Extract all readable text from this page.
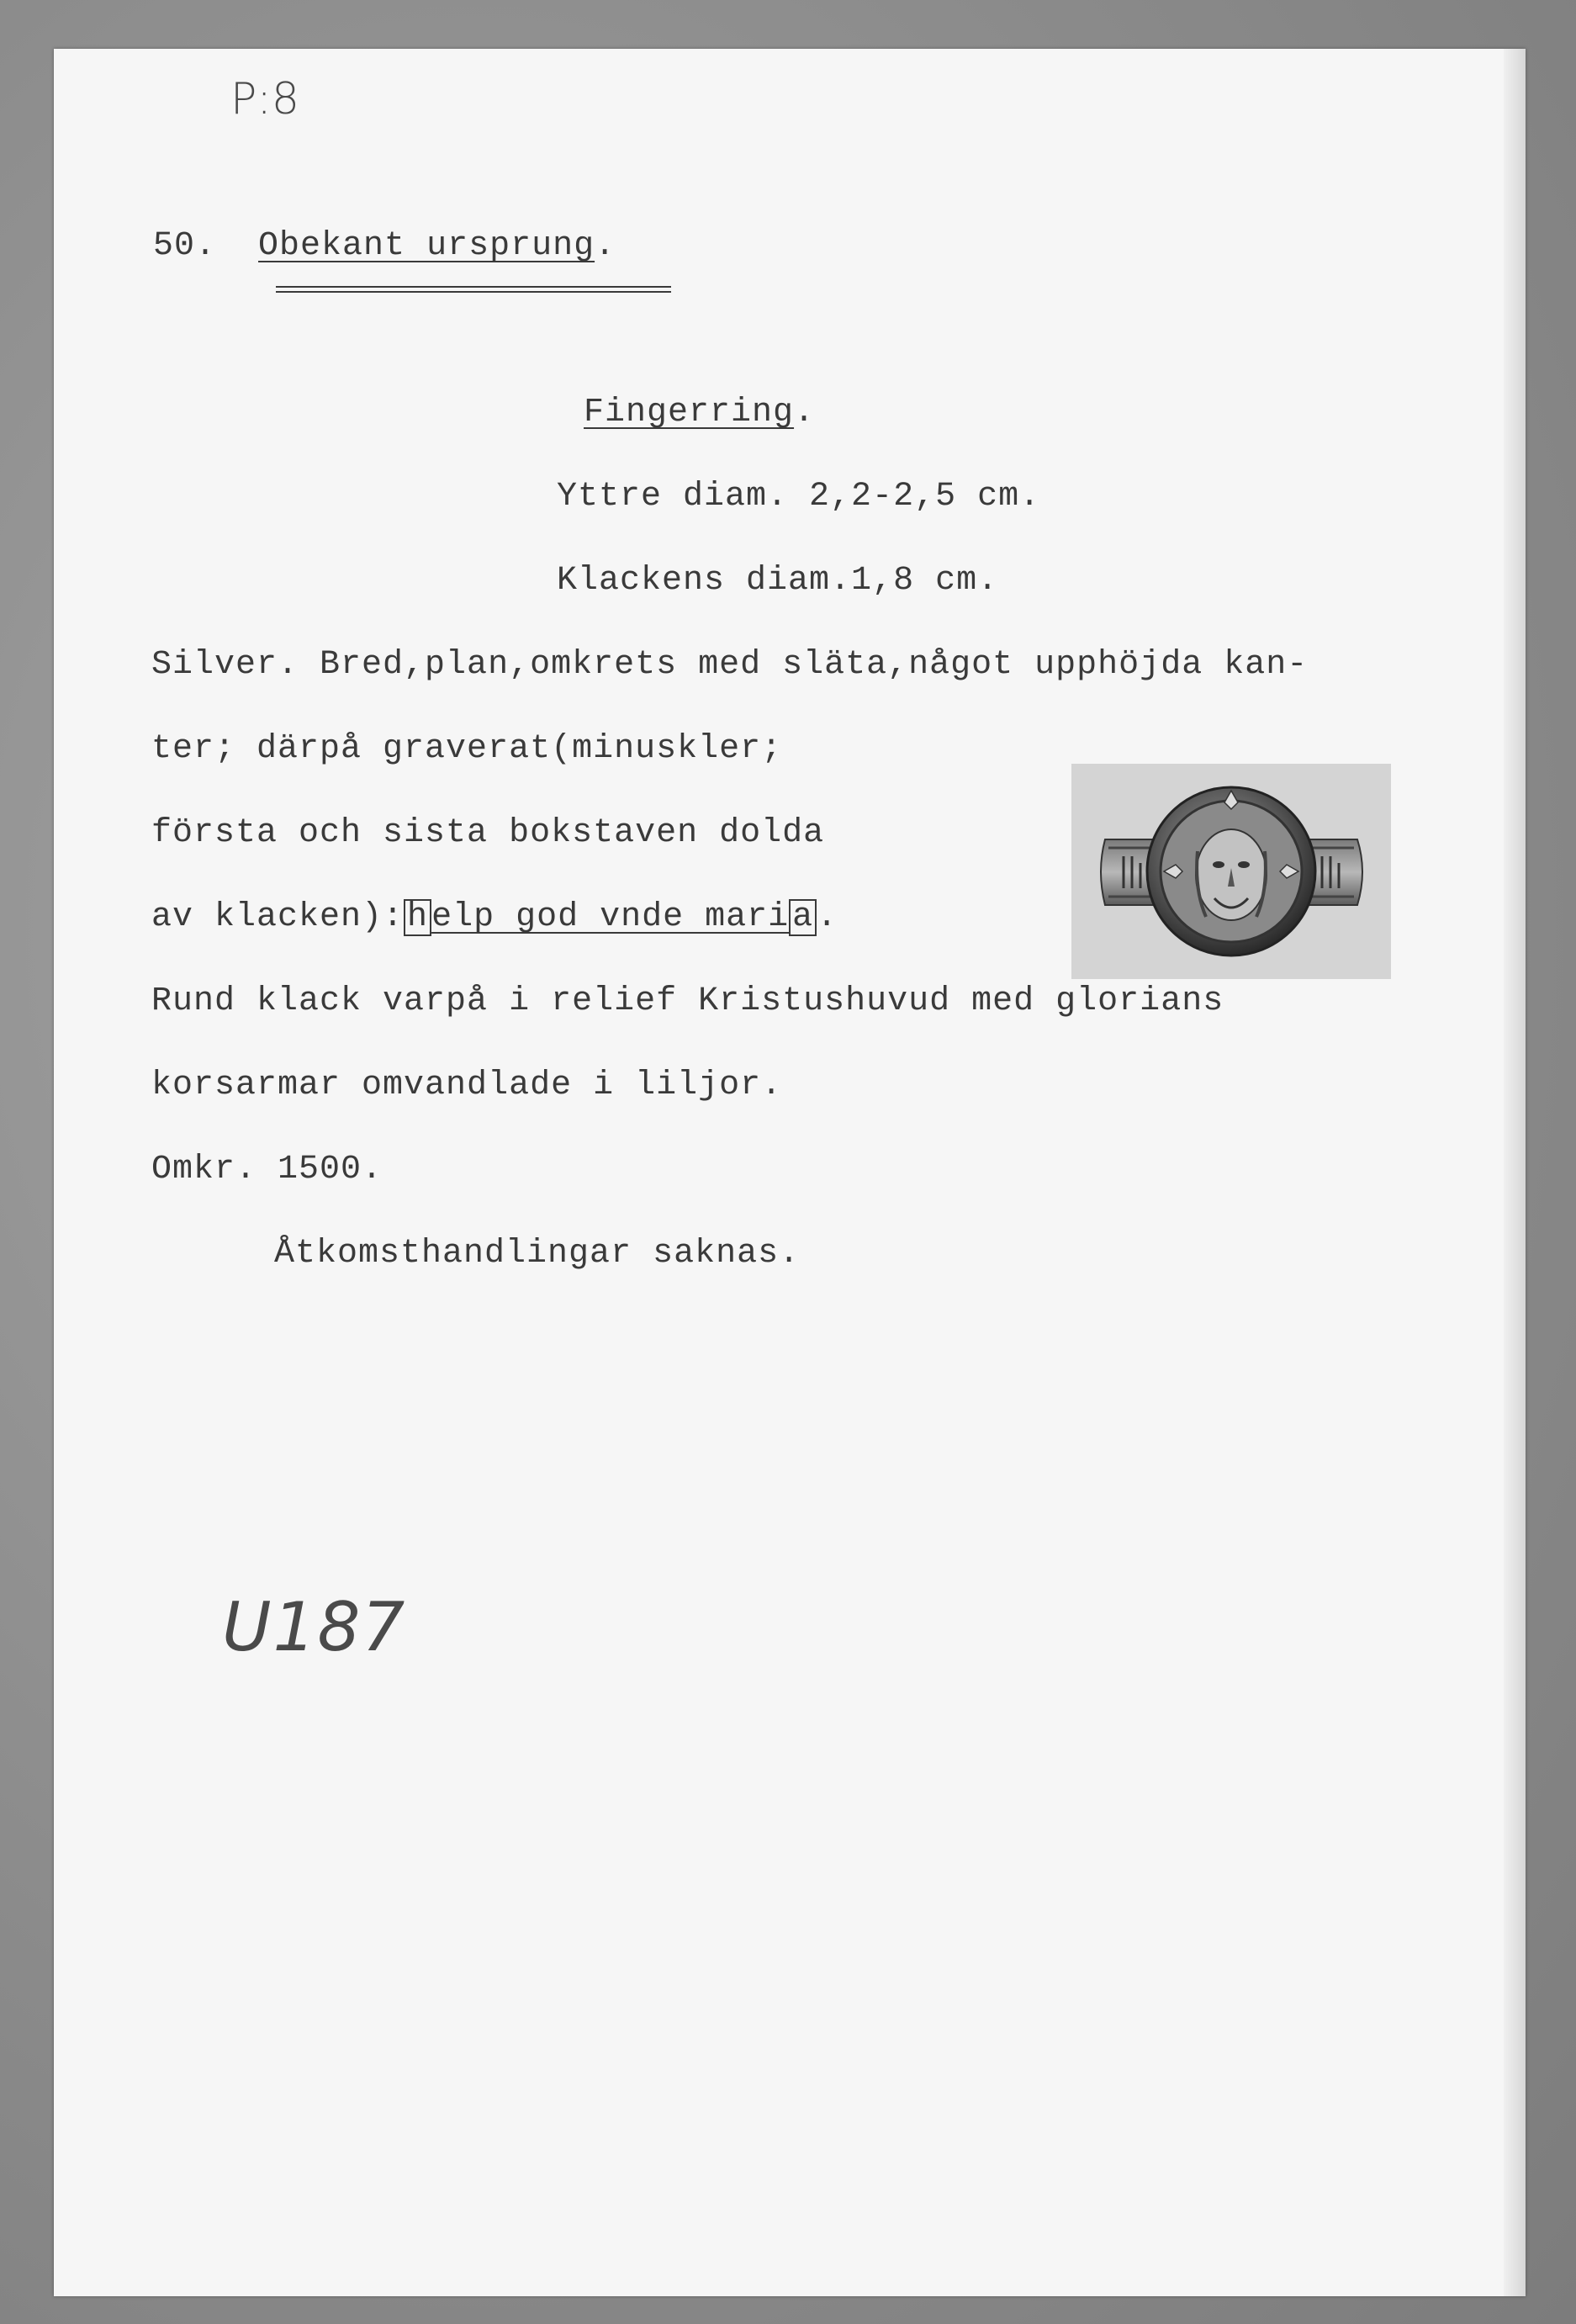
P:8
50. Obekant ursprung.
Fingerring.
Yttre diam. 2,2-2,5 cm.
Klackens diam.1,8 cm.
Silver. Bred,plan,omkrets med släta,något upphöjda kan-
ter; därpå graverat(minuskler;
första och sista bokstaven dolda
av klacken): h elp god vnde mari a .
Rund klack varpå i relief Kristushuvud med glorians
korsarmar omvandlade i liljor.
Omkr. 1500.
Åtkomsthandlingar saknas.
U187
